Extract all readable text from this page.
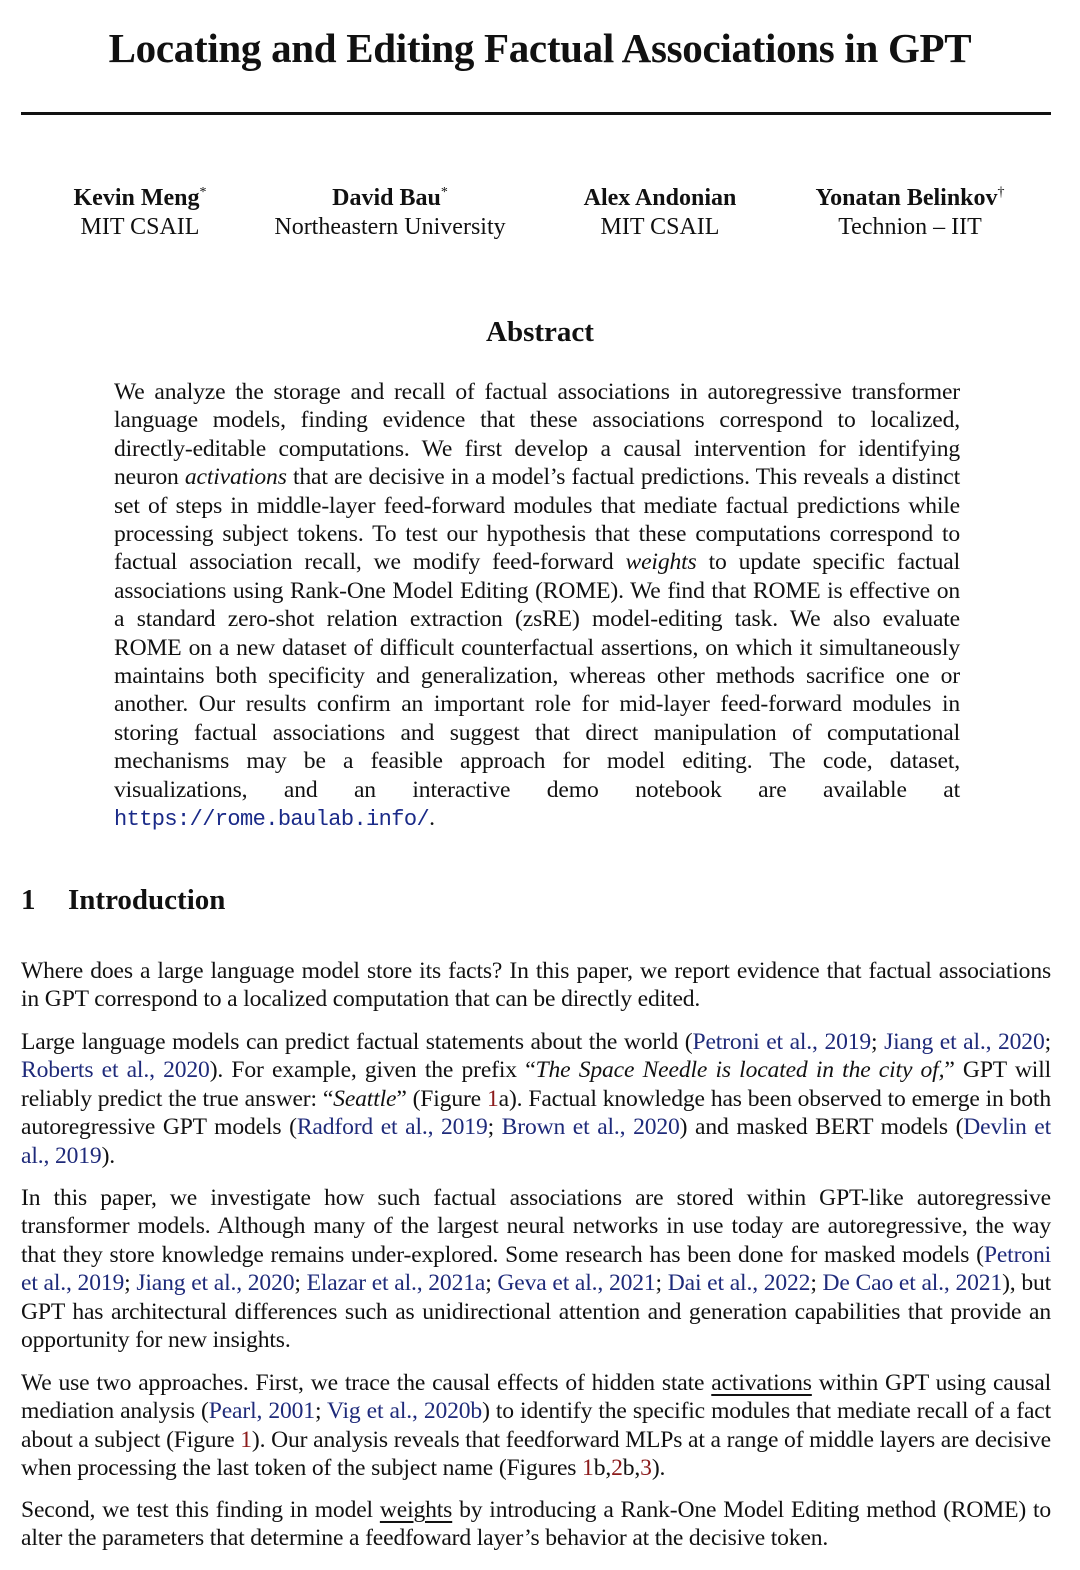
Locating and Editing Factual Associations in GPT
Kevin Meng*
MIT CSAIL
David Bau*
Northeastern University
Alex Andonian
MIT CSAIL
Yonatan Belinkov†
Technion – IIT
Abstract
We analyze the storage and recall of factual associations in autoregressive transformer language models, finding evidence that these associations correspond to localized, directly-editable computations. We first develop a causal intervention for identifying neuron activations that are decisive in a model’s factual predictions. This reveals a distinct set of steps in middle-layer feed-forward modules that mediate factual predictions while processing subject tokens. To test our hypothesis that these computations correspond to factual association recall, we modify feed-forward weights to update specific factual associations using Rank-One Model Editing (ROME). We find that ROME is effective on a standard zero-shot relation extraction (zsRE) model-editing task. We also evaluate ROME on a new dataset of difficult counterfactual assertions, on which it simultaneously maintains both specificity and generalization, whereas other methods sacrifice one or another. Our results confirm an important role for mid-layer feed-forward modules in storing factual associations and suggest that direct manipulation of computational mechanisms may be a feasible approach for model editing. The code, dataset, visualizations, and an interactive demo notebook are available at https://rome.baulab.info/.
1 Introduction
Where does a large language model store its facts? In this paper, we report evidence that factual associations in GPT correspond to a localized computation that can be directly edited.
Large language models can predict factual statements about the world (Petroni et al., 2019; Jiang et al., 2020; Roberts et al., 2020). For example, given the prefix “The Space Needle is located in the city of,” GPT will reliably predict the true answer: “Seattle” (Figure 1a). Factual knowledge has been observed to emerge in both autoregressive GPT models (Radford et al., 2019; Brown et al., 2020) and masked BERT models (Devlin et al., 2019).
In this paper, we investigate how such factual associations are stored within GPT-like autoregressive transformer models. Although many of the largest neural networks in use today are autoregressive, the way that they store knowledge remains under-explored. Some research has been done for masked models (Petroni et al., 2019; Jiang et al., 2020; Elazar et al., 2021a; Geva et al., 2021; Dai et al., 2022; De Cao et al., 2021), but GPT has architectural differences such as unidirectional attention and generation capabilities that provide an opportunity for new insights.
We use two approaches. First, we trace the causal effects of hidden state activations within GPT using causal mediation analysis (Pearl, 2001; Vig et al., 2020b) to identify the specific modules that mediate recall of a fact about a subject (Figure 1). Our analysis reveals that feedforward MLPs at a range of middle layers are decisive when processing the last token of the subject name (Figures 1b,2b,3).
Second, we test this finding in model weights by introducing a Rank-One Model Editing method (ROME) to alter the parameters that determine a feedfoward layer’s behavior at the decisive token.
